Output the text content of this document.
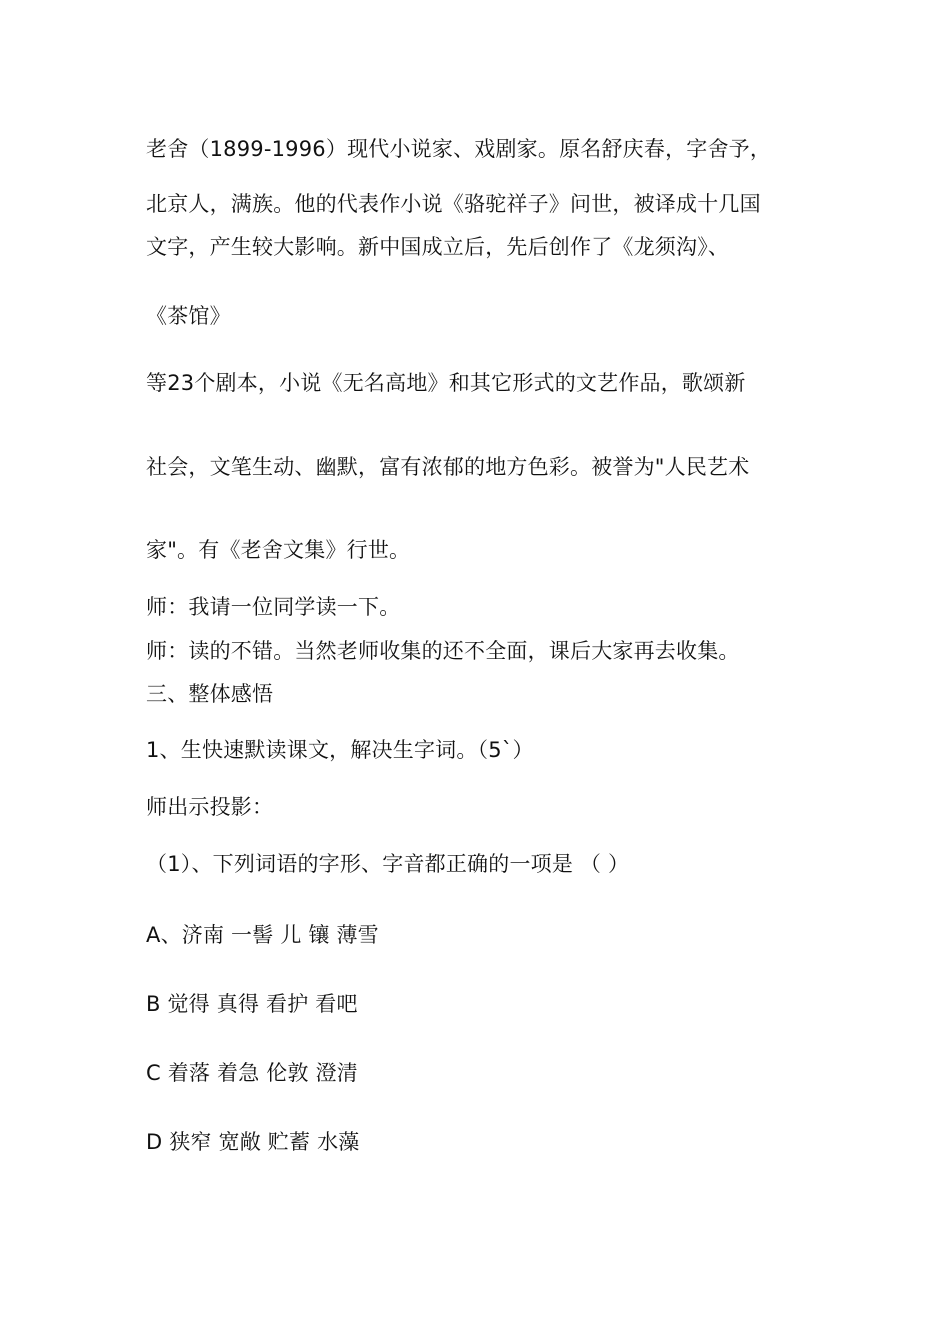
老舍（1899-1996）现代小说家、戏剧家。原名舒庆春，字舍予，

北京人，满族。他的代表作小说《骆驼祥子》问世，被译成十几国

文字，产生较大影响。新中国成立后，先后创作了《龙须沟》、

《茶馆》

等23个剧本，小说《无名高地》和其它形式的文艺作品，歌颂新

社会，文笔生动、幽默，富有浓郁的地方色彩。被誉为"人民艺术

家"。有《老舍文集》行世。

师：我请一位同学读一下。

师：读的不错。当然老师收集的还不全面，课后大家再去收集。

三、整体感悟

1、生快速默读课文，解决生字词。（5`）

师出示投影：

（1）、下列词语的字形、字音都正确的一项是 （ ）

A、济南 一髻 儿 镶 薄雪

B 觉得 真得 看护 看吧

C 着落 着急 伦敦 澄清

D 狭窄 宽敞 贮蓄 水藻
